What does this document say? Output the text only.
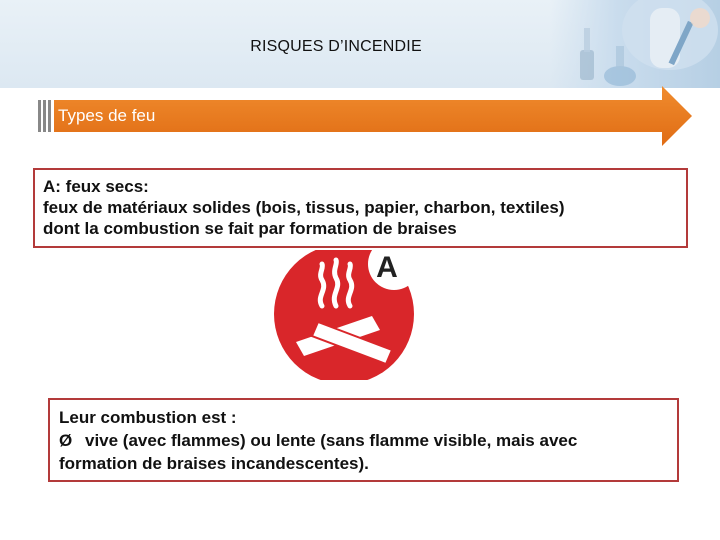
RISQUES D’INCENDIE
Types de feu
A: feux secs:
feux de matériaux solides (bois, tissus, papier, charbon, textiles)
dont la combustion se fait par formation de braises
A
Leur combustion est :
Ø vive (avec flammes) ou lente (sans flamme visible, mais avec
formation de braises incandescentes).
